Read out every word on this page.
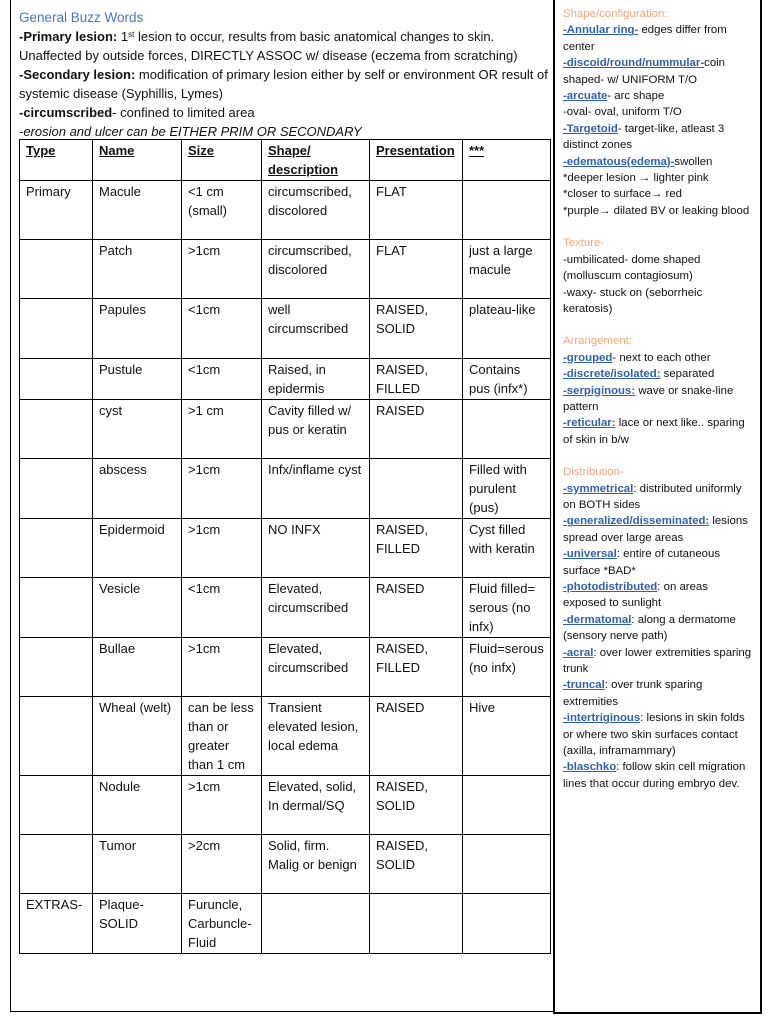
General Buzz Words
-Primary lesion: 1st lesion to occur, results from basic anatomical changes to skin. Unaffected by outside forces, DIRECTLY ASSOC w/ disease (eczema from scratching)
-Secondary lesion: modification of primary lesion either by self or environment OR result of systemic disease (Syphillis, Lymes)
-circumscribed- confined to limited area
-erosion and ulcer can be EITHER PRIM OR SECONDARY
Type	Name	Size	Shape/ description	Presentation	***
Primary	Macule	<1 cm (small)	circumscribed, discolored	FLAT	
	Patch	>1cm	circumscribed, discolored	FLAT	just a large macule
	Papules	<1cm	well circumscribed	RAISED, SOLID	plateau-like
	Pustule	<1cm	Raised, in epidermis	RAISED, FILLED	Contains pus (infx*)
	cyst	>1 cm	Cavity filled w/ pus or keratin	RAISED	
	abscess	>1cm	Infx/inflame cyst		Filled with purulent (pus)
	Epidermoid	>1cm	NO INFX	RAISED, FILLED	Cyst filled with keratin
	Vesicle	<1cm	Elevated, circumscribed	RAISED	Fluid filled= serous (no infx)
	Bullae	>1cm	Elevated, circumscribed	RAISED, FILLED	Fluid=serous (no infx)
	Wheal (welt)	can be less than or greater than 1 cm	Transient elevated lesion, local edema	RAISED	Hive
	Nodule	>1cm	Elevated, solid, In dermal/SQ	RAISED, SOLID	
	Tumor	>2cm	Solid, firm. Malig or benign	RAISED, SOLID	
EXTRAS-	Plaque-SOLID	Furuncle, Carbuncle-Fluid			
Shape/configuration:
-Annular ring- edges differ from center
-discoid/round/nummular-coin shaped- w/ UNIFORM T/O
-arcuate- arc shape
-oval- oval, uniform T/O
-Targetoid- target-like, atleast 3 distinct zones
-edematous(edema)-swollen
*deeper lesion → lighter pink
*closer to surface→ red
*purple→ dilated BV or leaking blood
Texture-
-umbilicated- dome shaped (molluscum contagiosum)
-waxy- stuck on (seborrheic keratosis)
Arrangement:
-grouped- next to each other
-discrete/isolated: separated
-serpiginous: wave or snake-line pattern
-reticular: lace or next like.. sparing of skin in b/w
Distribution-
-symmetrical: distributed uniformly on BOTH sides
-generalized/disseminated: lesions spread over large areas
-universal: entire of cutaneous surface *BAD*
-photodistributed: on areas exposed to sunlight
-dermatomal: along a dermatome (sensory nerve path)
-acral: over lower extremities sparing trunk
-truncal: over trunk sparing extremities
-intertriginous: lesions in skin folds or where two skin surfaces contact (axilla, inframammary)
-blaschko: follow skin cell migration lines that occur during embryo dev.
